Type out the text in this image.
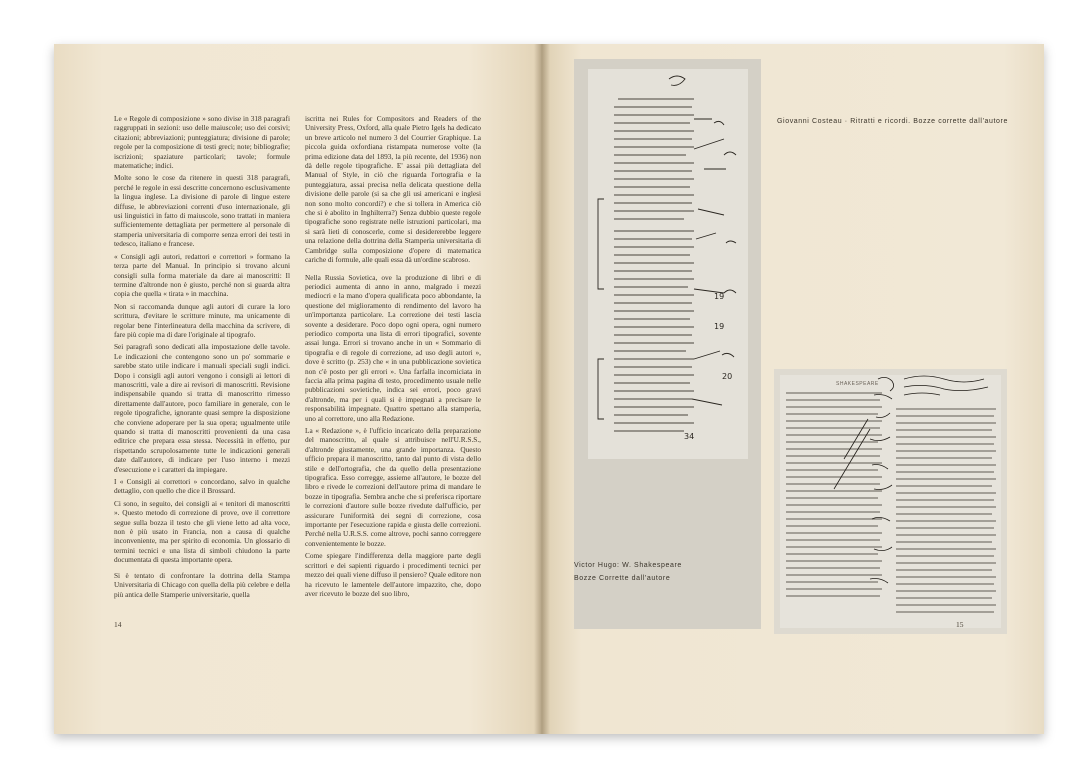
Le « Regole di composizione » sono divise in 318 paragrafi raggruppati in sezioni: uso delle maiuscole; uso dei corsivi; citazioni; abbreviazioni; punteggiatura; divisione di parole; regole per la composizione di testi greci; note; bibliografie; iscrizioni; spaziature particolari; tavole; formule matematiche; indici.

Molte sono le cose da ritenere in questi 318 paragrafi, perché le regole in essi descritte concernono esclusivamente la lingua inglese. La divisione di parole di lingue estere diffuse, le abbreviazioni correnti d'uso internazionale, gli usi linguistici in fatto di maiuscole, sono trattati in maniera sufficientemente dettagliata per permettere al personale di stamperia universitaria di comporre senza errori dei testi in tedesco, italiano e francese.

« Consigli agli autori, redattori e correttori » formano la terza parte del Manual. In principio si trovano alcuni consigli sulla forma materiale da dare ai manoscritti: Il termine d'altronde non è giusto, perché non si guarda altra copia che quella « tirata » in macchina.

Non si raccomanda dunque agli autori di curare la loro scrittura, d'evitare le scritture minute, ma unicamente di regolar bene l'interlineatura della macchina da scrivere, di fare più copie ma di dare l'originale al tipografo.

Sei paragrafi sono dedicati alla impostazione delle tavole. Le indicazioni che contengono sono un po' sommarie e sarebbe stato utile indicare i manuali speciali sugli indici. Dopo i consigli agli autori vengono i consigli ai lettori di manoscritti, vale a dire ai revisori di manoscritti. Revisione indispensabile quando si tratta di manoscritto rimesso direttamente dall'autore, poco familiare in generale, con le regole tipografiche, ignorante quasi sempre la disposizione che conviene adoperare per la sua opera; ugualmente utile quando si tratta di manoscritti provenienti da una casa editrice che prepara essa stessa. Necessità in effetto, pur rispettando scrupolosamente tutte le indicazioni generali date dall'autore, di indicare per l'uso interno i mezzi d'esecuzione e i caratteri da impiegare.

I « Consigli ai correttori » concordano, salvo in qualche dettaglio, con quello che dice il Brossard.

Ci sono, in seguito, dei consigli ai « tenitori di manoscritti ». Questo metodo di correzione di prove, ove il correttore segue sulla bozza il testo che gli viene letto ad alta voce, non è più usato in Francia, non a causa di qualche inconveniente, ma per spirito di economia. Un glossario di termini tecnici e una lista di simboli chiudono la parte documentata di questa importante opera.

Si è tentato di confrontare la dottrina della Stampa Universitaria di Chicago con quella della più celebre e della più antica delle Stamperie universitarie, quella

iscritta nei Rules for Compositors and Readers of the University Press, Oxford, alla quale Pietro Igels ha dedicato un breve articolo nel numero 3 del Courrier Graphique. La piccola guida oxfordiana ristampata numerose volte (la prima edizione data del 1893, la più recente, del 1936) non dà delle regole tipografiche. E' assai più dettagliata del Manual of Style, in ciò che riguarda l'ortografia e la punteggiatura, assai precisa nella delicata questione della divisione delle parole (si sa che gli usi americani e inglesi non sono molto concordi?) e che si tollera in America ciò che si è abolito in Inghilterra?) Senza dubbio queste regole tipografiche sono registrate nelle istruzioni particolari, ma si sarà lieti di conoscerle, come si desidererebbe leggere una relazione della dottrina della Stamperia universitaria di Cambridge sulla composizione d'opere di matematica cariche di formule, alle quali essa dà un'ordine scabroso.

Nella Russia Sovietica, ove la produzione di libri e di periodici aumenta di anno in anno, malgrado i mezzi mediocri e la mano d'opera qualificata poco abbondante, la questione del miglioramento di rendimento del lavoro ha un'importanza particolare. La correzione dei testi lascia sovente a desiderare. Poco dopo ogni opera, ogni numero periodico comporta una lista di errori tipografici, sovente assai lunga. Errori si trovano anche in un « Sommario di tipografia e di regole di correzione, ad uso degli autori », dove è scritto (p. 253) che « in una pubblicazione sovietica non c'è posto per gli errori ». Una farfalla incorniciata in faccia alla prima pagina di testo, procedimento usuale nelle pubblicazioni sovietiche, indica sei errori, poco gravi d'altronde, ma per i quali si è impegnati a precisare le responsabilità impegnate. Quattro spettano alla stamperia, uno al correttore, uno alla Redazione.

La « Redazione », è l'ufficio incaricato della preparazione del manoscritto, al quale si attribuisce nell'U.R.S.S., d'altronde giustamente, una grande importanza. Questo ufficio prepara il manoscritto, tanto dal punto di vista dello stile e dell'ortografia, che da quello della presentazione tipografica. Esso corregge, assieme all'autore, le bozze del libro e rivede le correzioni dell'autore prima di mandare le bozze in tipografia. Sembra anche che si preferisca riportare le correzioni d'autore sulle bozze rivedute dall'ufficio, per assicurare l'uniformità dei segni di correzione, cosa importante per l'esecuzione rapida e giusta delle correzioni. Perché nella U.R.S.S. come altrove, pochi sanno correggere convenientemente le bozze.

Come spiegare l'indifferenza della maggiore parte degli scrittori e dei sapienti riguardo i procedimenti tecnici per mezzo dei quali viene diffuso il pensiero? Quale editore non ha ricevuto le lamentele dell'autore impazzito, che, dopo aver ricevuto le bozze del suo libro,

14
19
19
20
34
SHAKESPEARE
Giovanni Costeau · Ritratti e ricordi. Bozze corrette dall'autore
Victor Hugo: W. Shakespeare
Bozze Corrette dall'autore
15
